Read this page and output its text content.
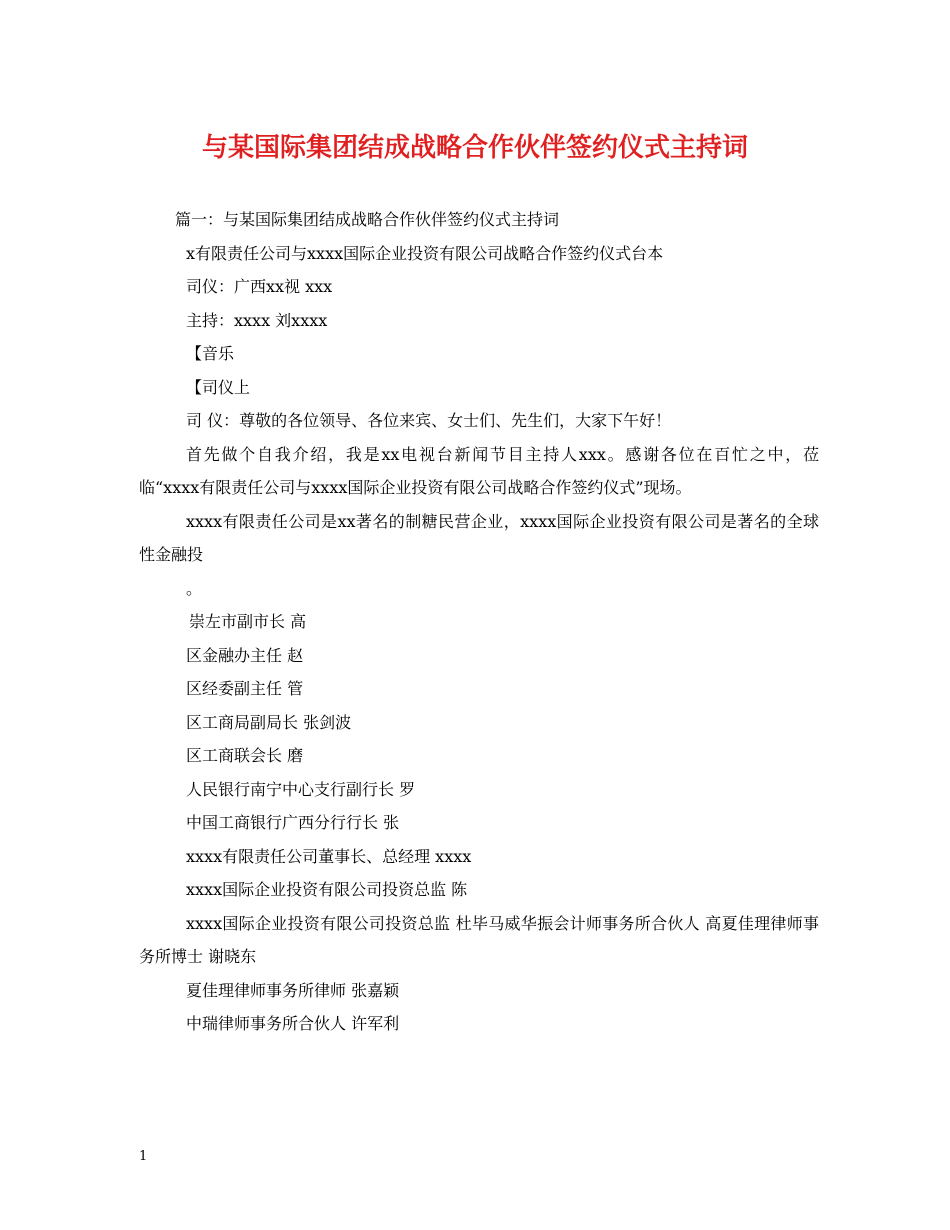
与某国际集团结成战略合作伙伴签约仪式主持词
篇一：与某国际集团结成战略合作伙伴签约仪式主持词
x有限责任公司与xxxx国际企业投资有限公司战略合作签约仪式台本
司仪：广西xx视 xxx
主持：xxxx 刘xxxx
【音乐
【司仪上
司 仪：尊敬的各位领导、各位来宾、女士们、先生们，大家下午好！
首先做个自我介绍，我是xx电视台新闻节目主持人xxx。感谢各位在百忙之中，莅临“xxxx有限责任公司与xxxx国际企业投资有限公司战略合作签约仪式”现场。
xxxx有限责任公司是xx著名的制糖民营企业，xxxx国际企业投资有限公司是著名的全球性金融投
。
崇左市副市长 高
区金融办主任 赵
区经委副主任 管
区工商局副局长 张剑波
区工商联会长 磨
人民银行南宁中心支行副行长 罗
中国工商银行广西分行行长 张
xxxx有限责任公司董事长、总经理 xxxx
xxxx国际企业投资有限公司投资总监 陈
xxxx国际企业投资有限公司投资总监 杜毕马威华振会计师事务所合伙人 高夏佳理律师事务所博士 谢晓东
夏佳理律师事务所律师 张嘉颖
中瑞律师事务所合伙人 许军利
1
